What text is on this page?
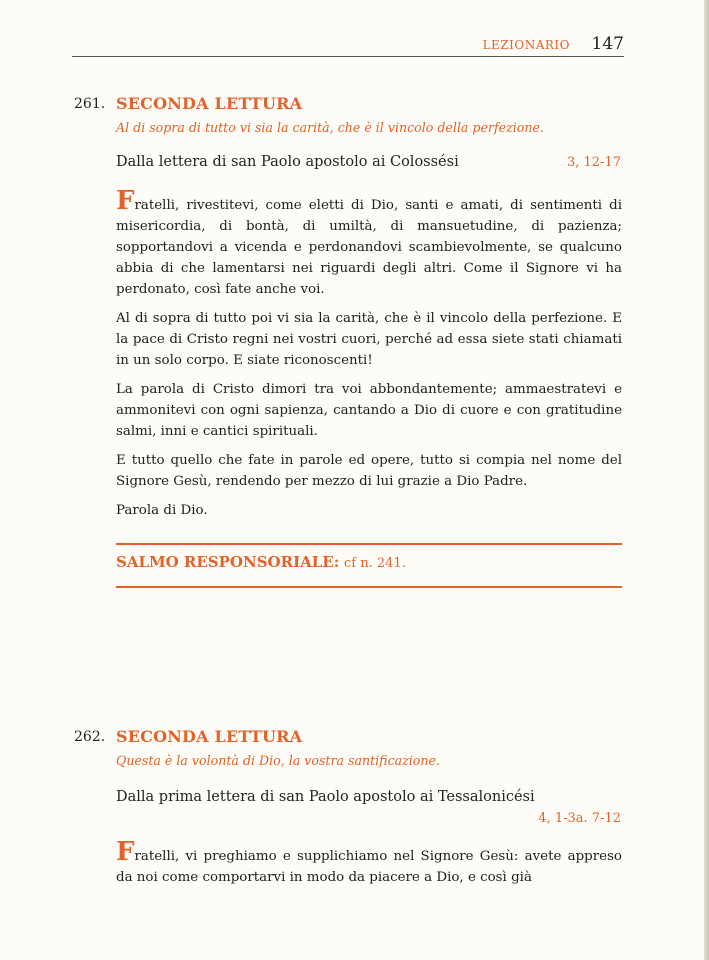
LEZIONARIO 147
261. SECONDA LETTURA
Al di sopra di tutto vi sia la carità, che è il vincolo della perfezione.
Dalla lettera di san Paolo apostolo ai Colossési	3, 12-17

Fratelli, rivestitevi, come eletti di Dio, santi e amati, di sentimenti di misericordia, di bontà, di umiltà, di mansuetudine, di pazienza; sopportandovi a vicenda e perdonandovi scambievolmente, se qualcuno abbia di che lamentarsi nei riguardi degli altri. Come il Signore vi ha perdonato, così fate anche voi.

Al di sopra di tutto poi vi sia la carità, che è il vincolo della perfezione. E la pace di Cristo regni nei vostri cuori, perché ad essa siete stati chiamati in un solo corpo. E siate riconoscenti!

La parola di Cristo dimori tra voi abbondantemente; ammaestratevi e ammonitevi con ogni sapienza, cantando a Dio di cuore e con gratitudine salmi, inni e cantici spirituali.

E tutto quello che fate in parole ed opere, tutto si compia nel nome del Signore Gesù, rendendo per mezzo di lui grazie a Dio Padre.

Parola di Dio.

SALMO RESPONSORIALE: cf n. 241.
262. SECONDA LETTURA
Questa è la volontà di Dio, la vostra santificazione.
Dalla prima lettera di san Paolo apostolo ai Tessalonicési
4, 1-3a. 7-12

Fratelli, vi preghiamo e supplichiamo nel Signore Gesù: avete appreso da noi come comportarvi in modo da piacere a Dio, e così già
